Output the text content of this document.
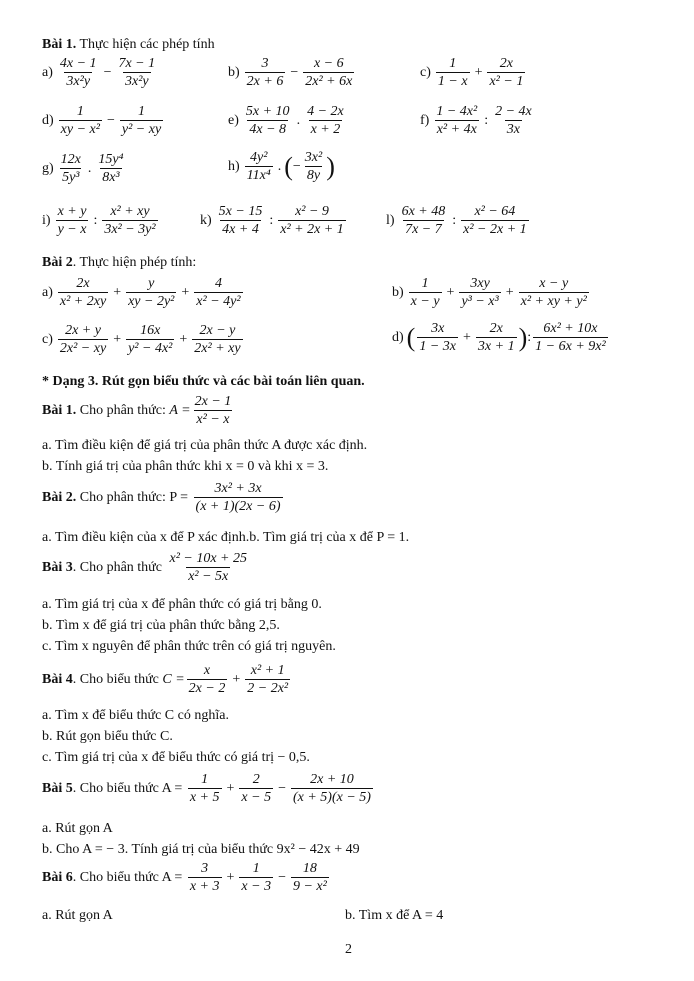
Bài 1. Thực hiện các phép tính
$a) \frac{4x - 1}{\text{3x²y}} - \frac{7x - 1}{\text{3x²y}}$	$b) \frac{3}{2x + 6} - \frac{x - 6}{\text{2x² + 6x}}$	$c) \frac{1}{1 - x} + \frac{2x}{\text{x² − 1}}$
$d) \frac{1}{\text{xy − x²}} - \frac{1}{\text{y² − xy}}$	$e) \frac{5x + 10}{4x - 8}$ . $\frac{4 - 2x}{x + 2}$	$f) \frac{\text{1 − 4x²}}{\text{x² + 4x}}$ : $\frac{2 - 4x}{3x}$
$g) \frac{12x}{\text{5y³}}$ . $\frac{\text{15y⁴}}{\text{8x³}}$	$h) \frac{\text{4y²}}{\text{11x⁴}}$ . ( − $\frac{\text{3x²}}{8y}$ )
$i) \frac{x + y}{y - x}$ : $\frac{\text{x² + xy}}{\text{3x² − 3y²}}$	$k) \frac{5x - 15}{4x + 4}$ : $\frac{\text{x² − 9}}{\text{x² + 2x + 1}}$	$l) \frac{6x + 48}{7x - 7}$ : $\frac{\text{x² − 64}}{\text{x² − 2x + 1}}$
Bài 2. Thực hiện phép tính:
$a) \frac{2x}{\text{x² + 2xy}} + \frac{y}{\text{xy − 2y²}} + \frac{4}{\text{x² − 4y²}}$	$b) \frac{1}{x - y} + \frac{3xy}{\text{y³ − x³}} + \frac{x - y}{\text{x² + xy + y²}}$
$c) \frac{2x + y}{\text{2x² − xy}} + \frac{16x}{\text{y² − 4x²}} + \frac{2x - y}{\text{2x² + xy}}$	d) ( $\frac{3x}{1 - 3x} + \frac{2x}{3x + 1}$ ) : $\frac{\text{6x² + 10x}}{\text{1 − 6x + 9x²}}$
* Dạng 3. Rút gọn biểu thức và các bài toán liên quan.
Bài 1. Cho phân thức: $A = \frac{2x - 1}{\text{x² − x}}$
a. Tìm điều kiện để giá trị của phân thức A được xác định.
b. Tính giá trị của phân thức khi x = 0 và khi x = 3.
Bài 2. Cho phân thức: $P = \frac{\text{3x² + 3x}}{(x + 1)(2x - 6)}$
a. Tìm điều kiện của x để P xác định.b. Tìm giá trị của x để P = 1.
Bài 3 . Cho phân thức $\frac{\text{x² − 10x + 25}}{\text{x² − 5x}}$
a. Tìm giá trị của x để phân thức có giá trị bằng 0.
b. Tìm x để giá trị của phân thức bằng 2,5.
c. Tìm x nguyên để phân thức trên có giá trị nguyên.
Bài 4 . Cho biểu thức $C = \frac{x}{2x - 2} + \frac{\text{x² + 1}}{\text{2 − 2x²}}$
a. Tìm x để biểu thức C có nghĩa.
b. Rút gọn biểu thức C.
c. Tìm giá trị của x để biểu thức có giá trị − 0,5.
Bài 5 . Cho biểu thức $A = \frac{1}{x + 5} + \frac{2}{x - 5} - \frac{2x + 10}{(x + 5)(x - 5)}$
a. Rút gọn A
b. Cho A = − 3. Tính giá trị của biểu thức 9x² − 42x + 49
Bài 6 . Cho biểu thức $A = \frac{3}{x + 3} + \frac{1}{x - 3} - \frac{18}{\text{9 − x²}}$
a. Rút gọn A	b. Tìm x để A = 4
2
